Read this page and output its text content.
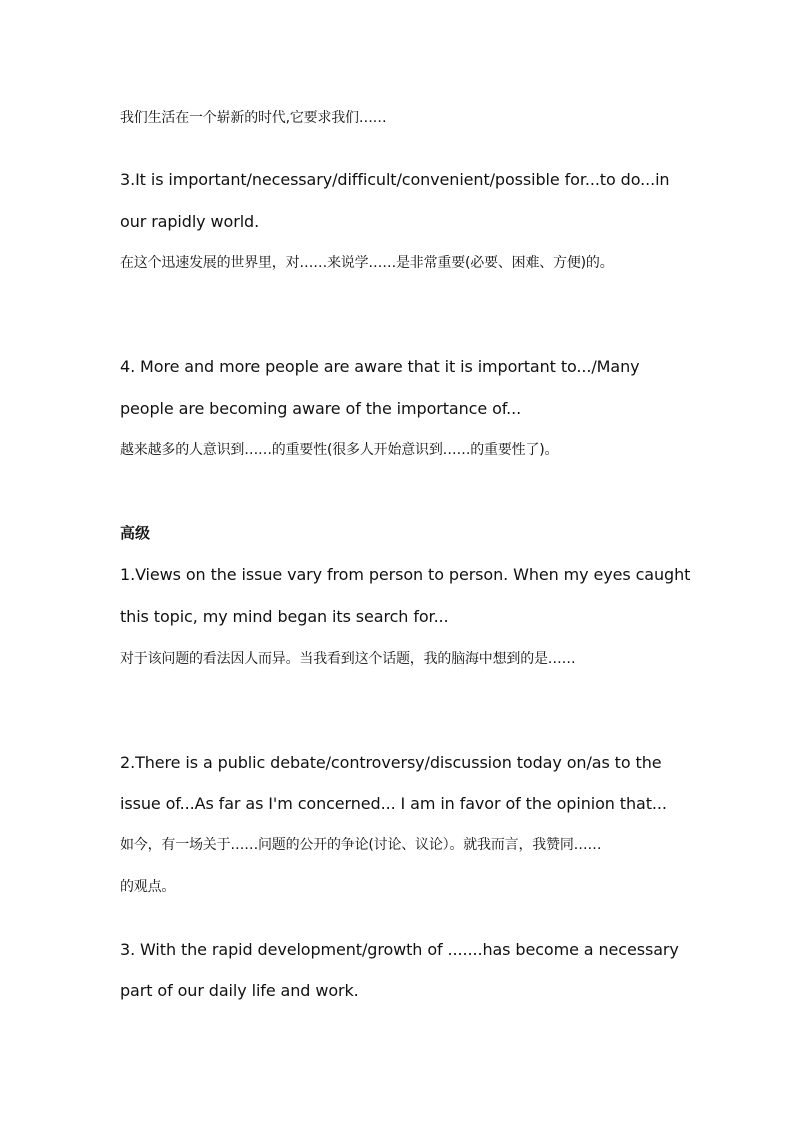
我们生活在一个崭新的时代,它要求我们……
3.It is important/necessary/difficult/convenient/possible for...to do...in
our rapidly world.
在这个迅速发展的世界里，对……来说学……是非常重要(必要、困难、方便)的。
4. More and more people are aware that it is important to.../Many
people are becoming aware of the importance of...
越来越多的人意识到……的重要性(很多人开始意识到……的重要性了)。
高级
1.Views on the issue vary from person to person. When my eyes caught
this topic, my mind began its search for...
对于该问题的看法因人而异。当我看到这个话题，我的脑海中想到的是……
2.There is a public debate/controversy/discussion today on/as to the
issue of...As far as I'm concerned... I am in favor of the opinion that...
如今，有一场关于……问题的公开的争论(讨论、议论）。就我而言，我赞同……
的观点。
3. With the rapid development/growth of .......has become a necessary
part of our daily life and work.
